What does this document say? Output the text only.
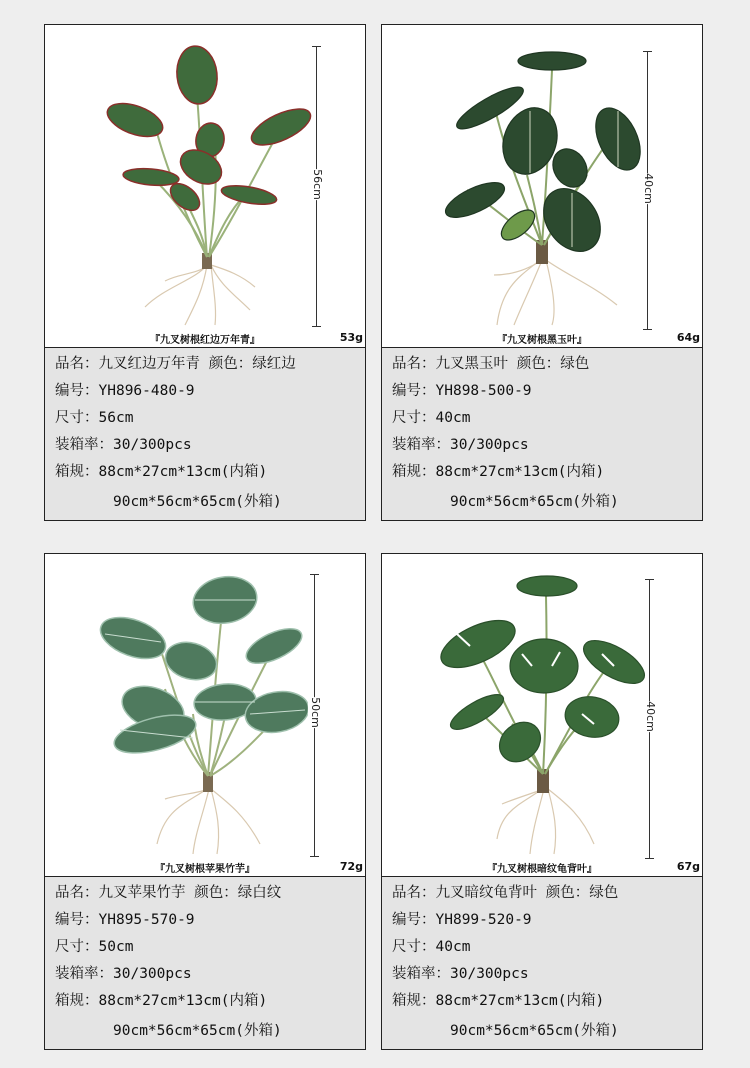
56cm
『九叉树根红边万年青』	53g
品名：九叉红边万年青 颜色：绿红边
编号：YH896-480-9
尺寸：56cm
装箱率：30/300pcs
箱规：88cm*27cm*13cm(内箱)
90cm*56cm*65cm(外箱)
40cm
『九叉树根黑玉叶』	64g
品名：九叉黑玉叶 颜色：绿色
编号：YH898-500-9
尺寸：40cm
装箱率：30/300pcs
箱规：88cm*27cm*13cm(内箱)
90cm*56cm*65cm(外箱)
50cm
『九叉树根苹果竹芋』	72g
品名：九叉苹果竹芋 颜色：绿白纹
编号：YH895-570-9
尺寸：50cm
装箱率：30/300pcs
箱规：88cm*27cm*13cm(内箱)
90cm*56cm*65cm(外箱)
40cm
『九叉树根暗纹龟背叶』	67g
品名：九叉暗纹龟背叶 颜色：绿色
编号：YH899-520-9
尺寸：40cm
装箱率：30/300pcs
箱规：88cm*27cm*13cm(内箱)
90cm*56cm*65cm(外箱)
